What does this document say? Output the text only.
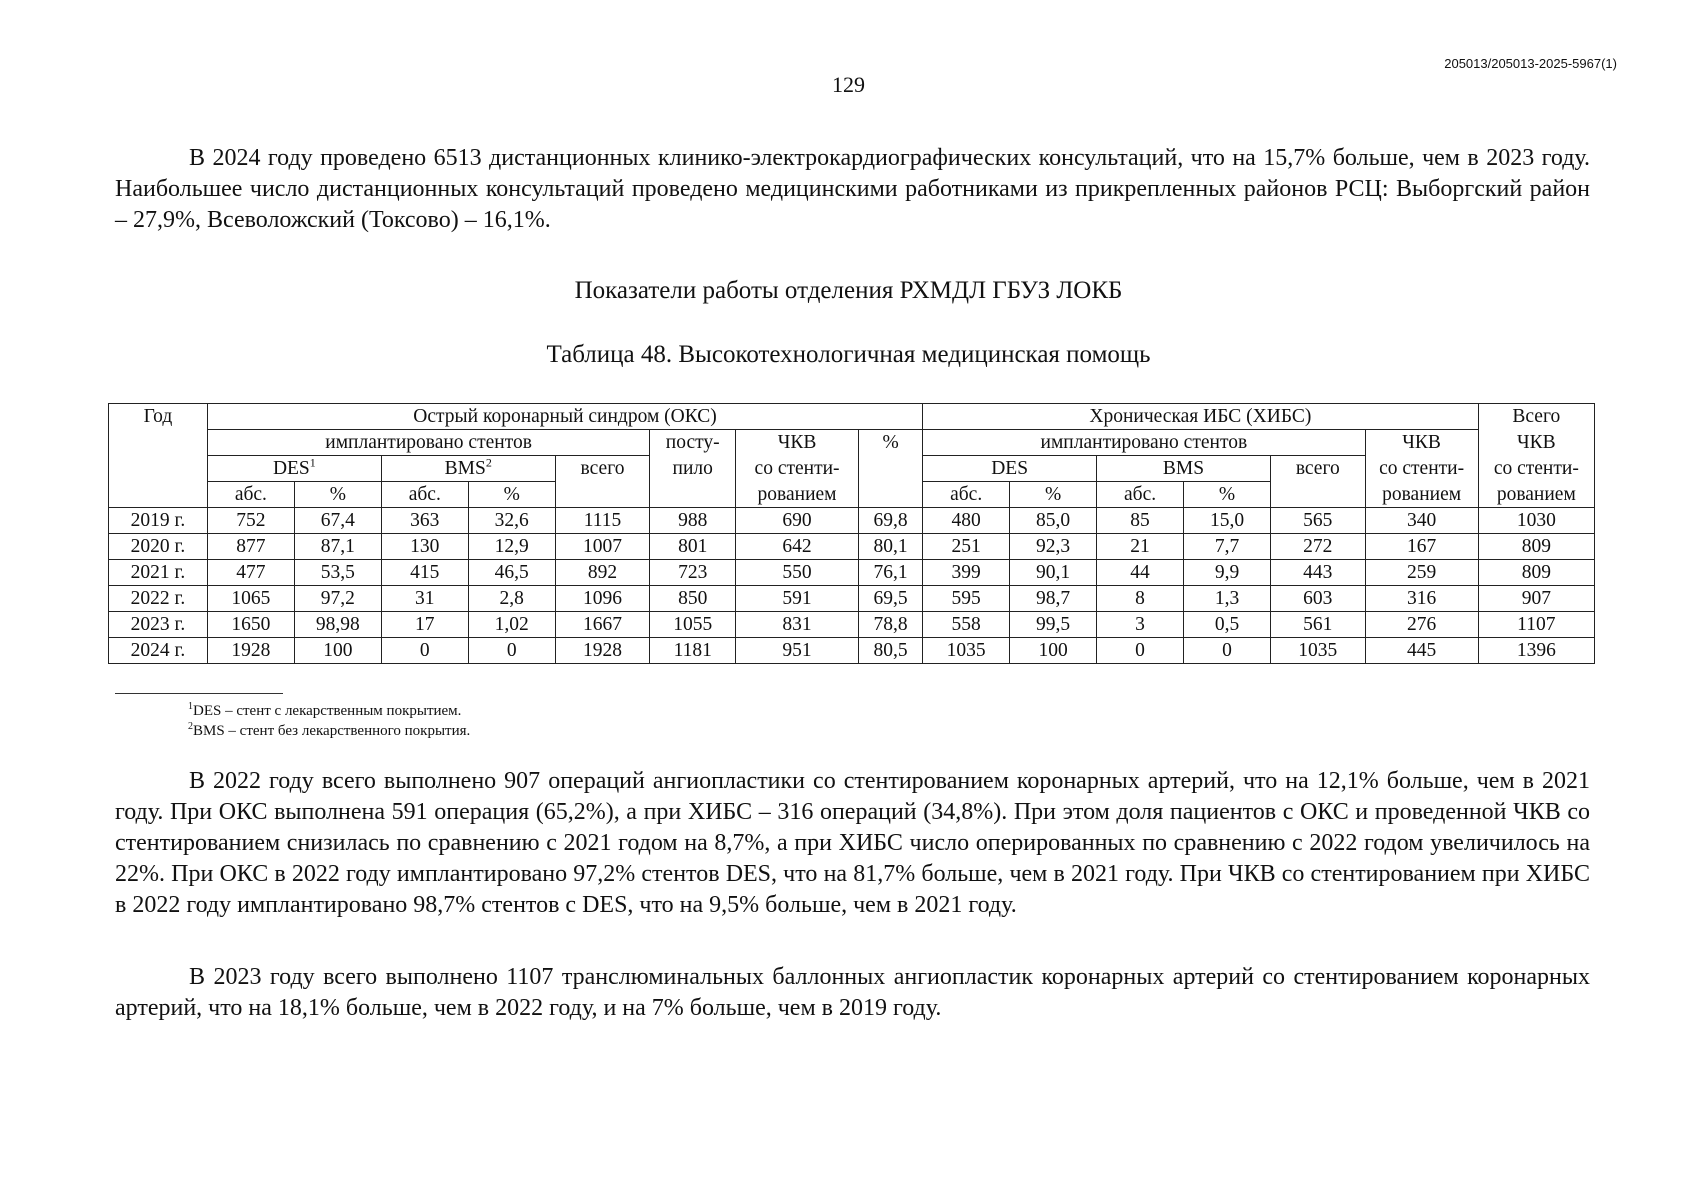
205013/205013-2025-5967(1)
129

В 2024 году проведено 6513 дистанционных клинико-электрокардиографических консультаций, что на 15,7% больше, чем в 2023 году. Наибольшее число дистанционных консультаций проведено медицинскими работниками из прикрепленных районов РСЦ: Выборгский район – 27,9%, Всеволожский (Токсово) – 16,1%.

Показатели работы отделения РХМДЛ ГБУЗ ЛОКБ
Таблица 48. Высокотехнологичная медицинская помощь
Год	Острый коронарный синдром (ОКС)								Хроническая ИБС (ХИБС)						Всего
	имплантировано стентов					посту-	ЧКВ	%	имплантировано стентов					ЧКВ	ЧКВ
	DES$^1$		BMS$^2$		всего	пило	со стенти-		DES		BMS		всего	со стенти-	со стенти-
	абс.	%	абс.	%			рованием		абс.	%	абс.	%		рованием	рованием
2019 г.	752	67,4	363	32,6	1115	988	690	69,8	480	85,0	85	15,0	565	340	1030
2020 г.	877	87,1	130	12,9	1007	801	642	80,1	251	92,3	21	7,7	272	167	809
2021 г.	477	53,5	415	46,5	892	723	550	76,1	399	90,1	44	9,9	443	259	809
2022 г.	1065	97,2	31	2,8	1096	850	591	69,5	595	98,7	8	1,3	603	316	907
2023 г.	1650	98,98	17	1,02	1667	1055	831	78,8	558	99,5	3	0,5	561	276	1107
2024 г.	1928	100	0	0	1928	1181	951	80,5	1035	100	0	0	1035	445	1396
$^1$DES – стент с лекарственным покрытием.
$^2$BMS – стент без лекарственного покрытия.

В 2022 году всего выполнено 907 операций ангиопластики со стентированием коронарных артерий, что на 12,1% больше, чем в 2021 году. При ОКС выполнена 591 операция (65,2%), а при ХИБС – 316 операций (34,8%). При этом доля пациентов с ОКС и проведенной ЧКВ со стентированием снизилась по сравнению с 2021 годом на 8,7%, а при ХИБС число оперированных по сравнению с 2022 годом увеличилось на 22%. При ОКС в 2022 году имплантировано 97,2% стентов DES, что на 81,7% больше, чем в 2021 году. При ЧКВ со стентированием при ХИБС в 2022 году имплантировано 98,7% стентов с DES, что на 9,5% больше, чем в 2021 году.

В 2023 году всего выполнено 1107 транслюминальных баллонных ангиопластик коронарных артерий со стентированием коронарных артерий, что на 18,1% больше, чем в 2022 году, и на 7% больше, чем в 2019 году.
